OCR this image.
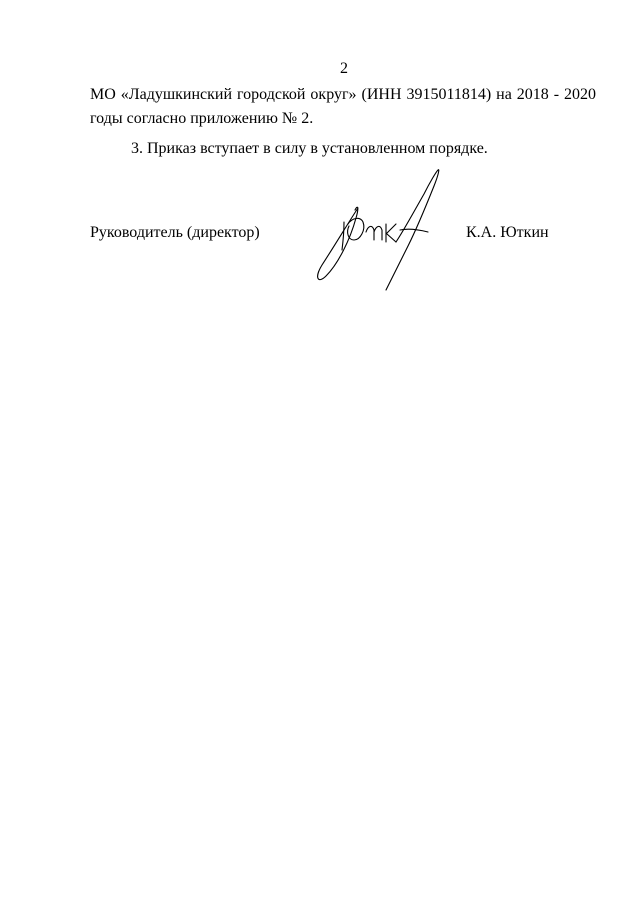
2
МО «Ладушкинский городской округ» (ИНН 3915011814) на 2018 - 2020
годы согласно приложению № 2.
3. Приказ вступает в силу в установленном порядке.
Руководитель (директор)	К.А. Юткин
